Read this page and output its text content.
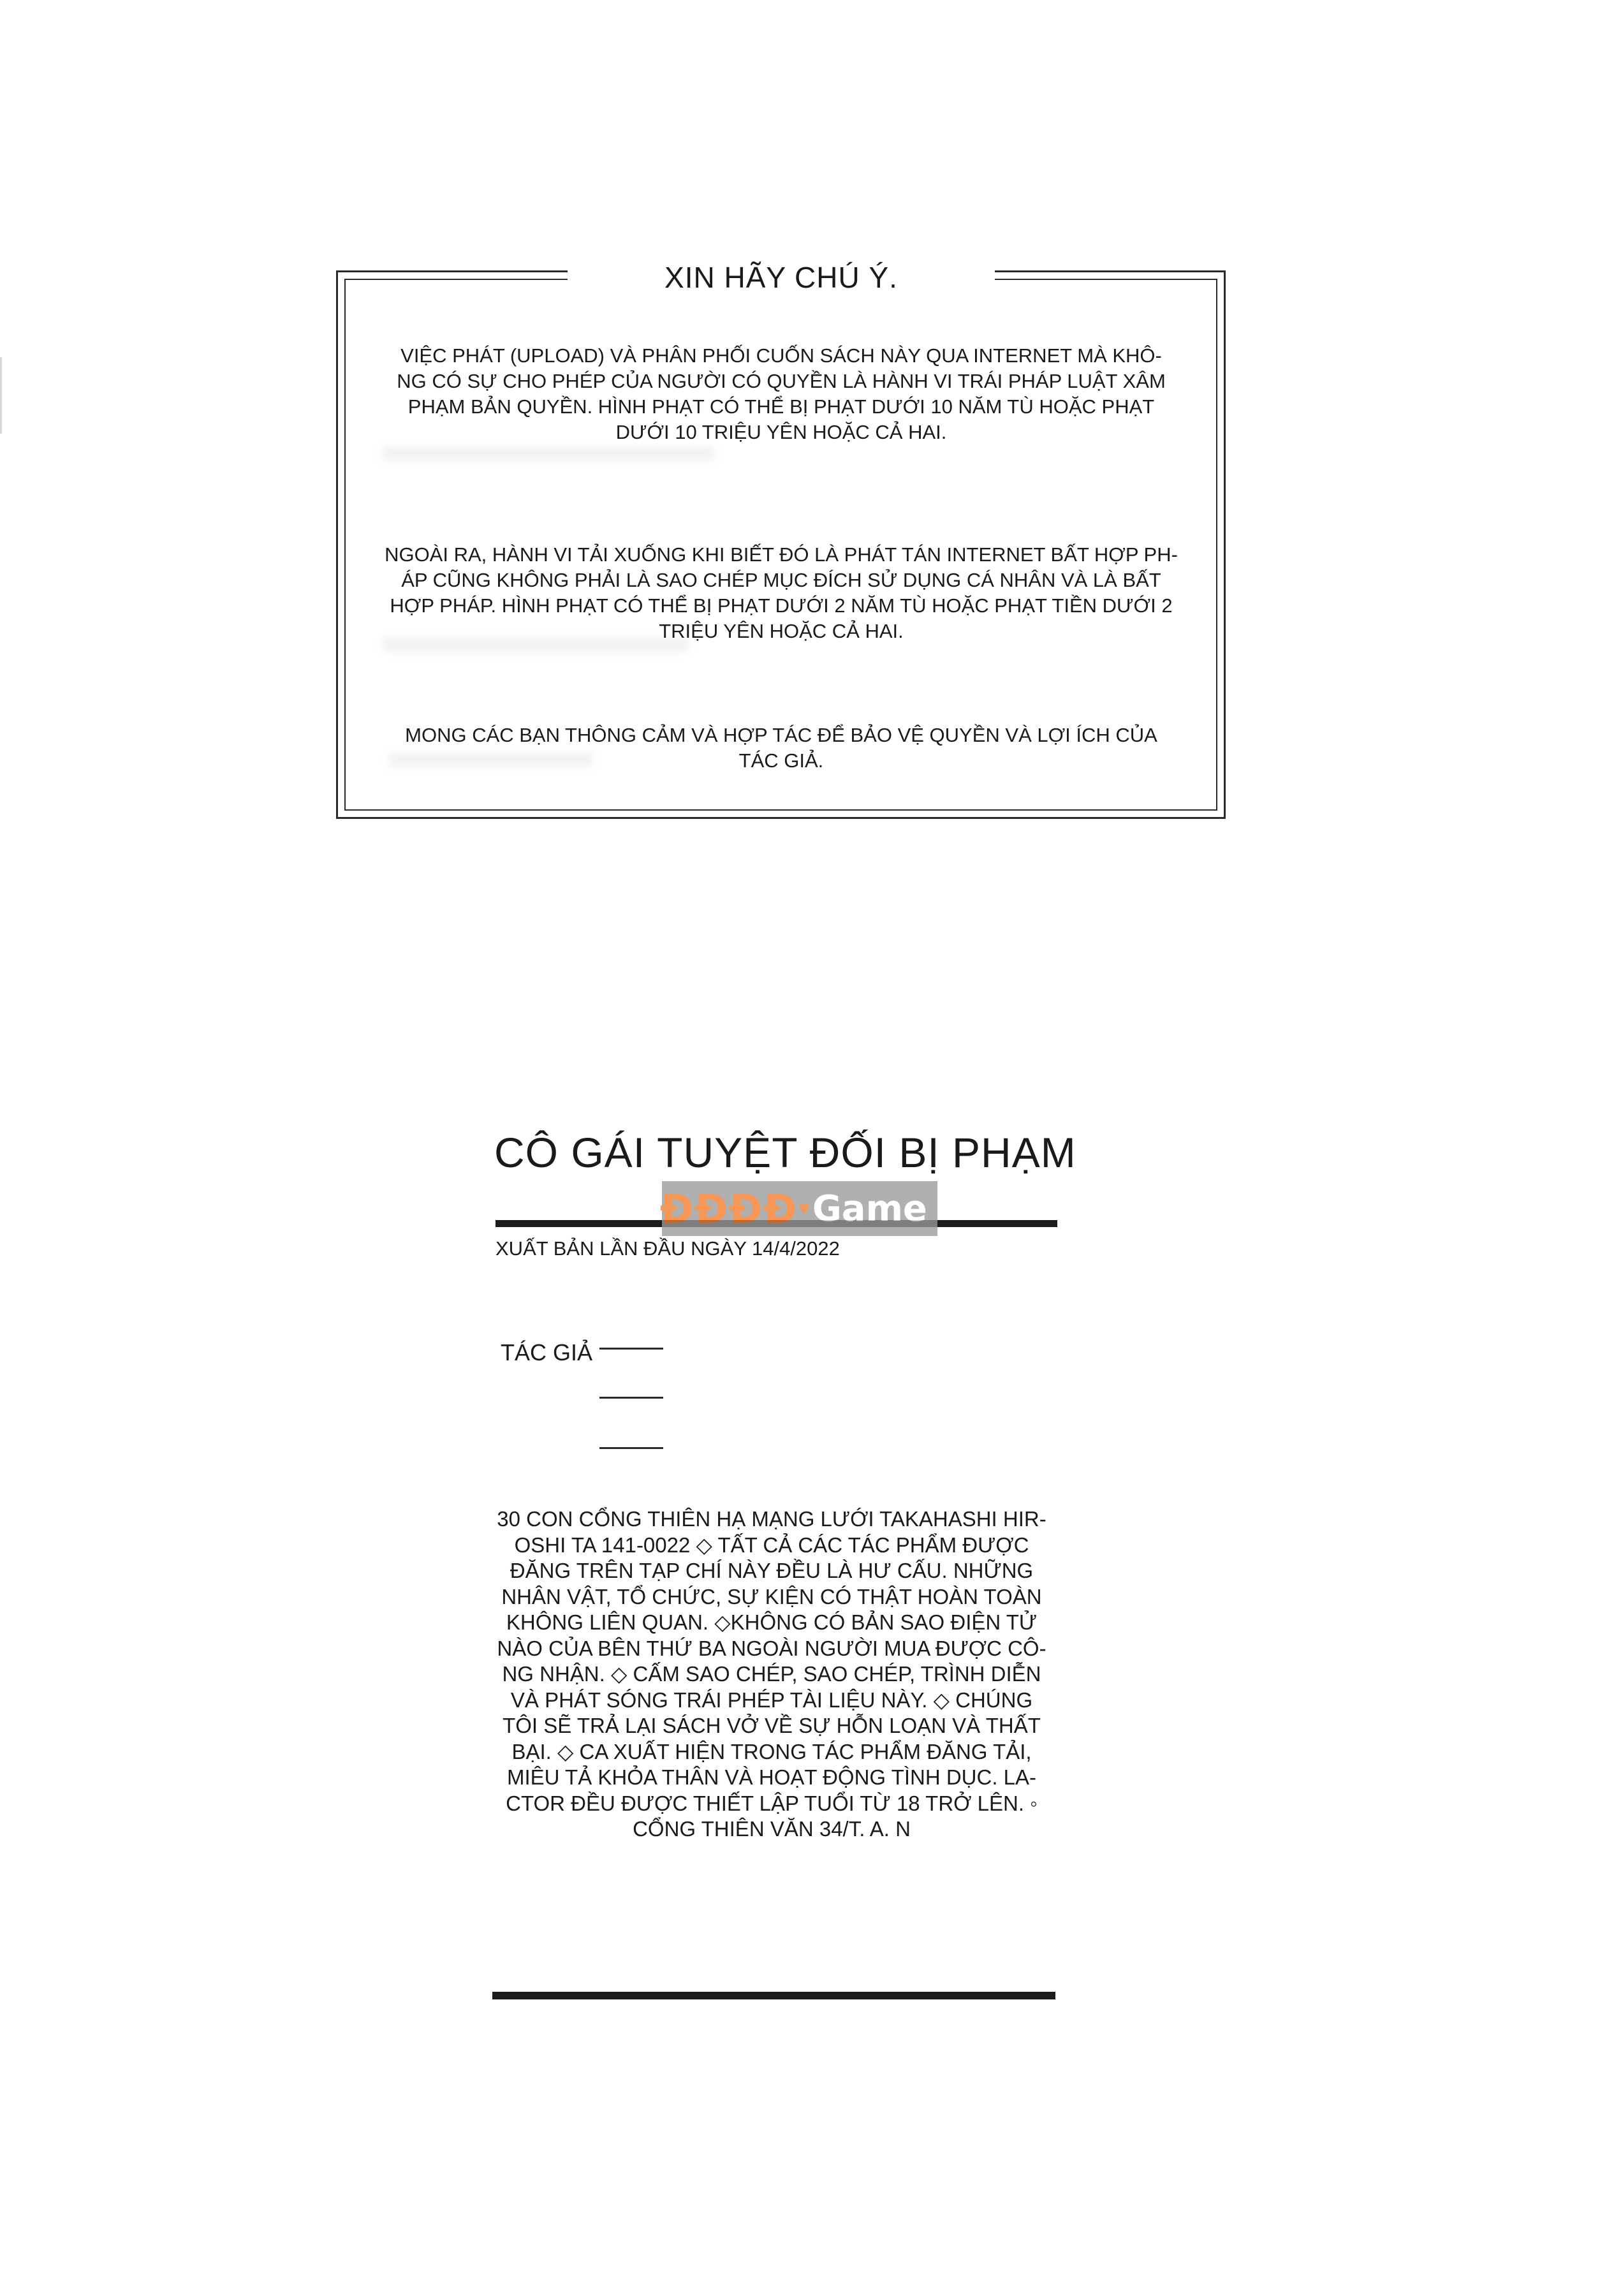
XIN HÃY CHÚ Ý.
VIỆC PHÁT (UPLOAD) VÀ PHÂN PHỐI CUỐN SÁCH NÀY QUA INTERNET MÀ KHÔ-
NG CÓ SỰ CHO PHÉP CỦA NGƯỜI CÓ QUYỀN LÀ HÀNH VI TRÁI PHÁP LUẬT XÂM
PHẠM BẢN QUYỀN. HÌNH PHẠT CÓ THỂ BỊ PHẠT DƯỚI 10 NĂM TÙ HOẶC PHẠT
DƯỚI 10 TRIỆU YÊN HOẶC CẢ HAI.
NGOÀI RA, HÀNH VI TẢI XUỐNG KHI BIẾT ĐÓ LÀ PHÁT TÁN INTERNET BẤT HỢP PH-
ÁP CŨNG KHÔNG PHẢI LÀ SAO CHÉP MỤC ĐÍCH SỬ DỤNG CÁ NHÂN VÀ LÀ BẤT
HỢP PHÁP. HÌNH PHẠT CÓ THỂ BỊ PHẠT DƯỚI 2 NĂM TÙ HOẶC PHẠT TIỀN DƯỚI 2
TRIỆU YÊN HOẶC CẢ HAI.
MONG CÁC BẠN THÔNG CẢM VÀ HỢP TÁC ĐỂ BẢO VỆ QUYỀN VÀ LỢI ÍCH CỦA
TÁC GIẢ.
CÔ GÁI TUYỆT ĐỐI BỊ PHẠM
ĐĐĐĐ ♥ Game
XUẤT BẢN LẦN ĐẦU NGÀY 14/4/2022
TÁC GIẢ
30 CON CỔNG THIÊN HẠ MẠNG LƯỚI TAKAHASHI HIR-
OSHI TA 141-0022 ◇ TẤT CẢ CÁC TÁC PHẨM ĐƯỢC
ĐĂNG TRÊN TẠP CHÍ NÀY ĐỀU LÀ HƯ CẤU. NHỮNG
NHÂN VẬT, TỔ CHỨC, SỰ KIỆN CÓ THẬT HOÀN TOÀN
KHÔNG LIÊN QUAN. ◇KHÔNG CÓ BẢN SAO ĐIỆN TỬ
NÀO CỦA BÊN THỨ BA NGOÀI NGƯỜI MUA ĐƯỢC CÔ-
NG NHẬN. ◇ CẤM SAO CHÉP, SAO CHÉP, TRÌNH DIỄN
VÀ PHÁT SÓNG TRÁI PHÉP TÀI LIỆU NÀY. ◇ CHÚNG
TÔI SẼ TRẢ LẠI SÁCH VỞ VỀ SỰ HỖN LOẠN VÀ THẤT
BẠI. ◇ CA XUẤT HIỆN TRONG TÁC PHẨM ĐĂNG TẢI,
MIÊU TẢ KHỎA THÂN VÀ HOẠT ĐỘNG TÌNH DỤC. LA-
CTOR ĐỀU ĐƯỢC THIẾT LẬP TUỔI TỪ 18 TRỞ LÊN. ◦
CỔNG THIÊN VĂN 34/T. A. N
